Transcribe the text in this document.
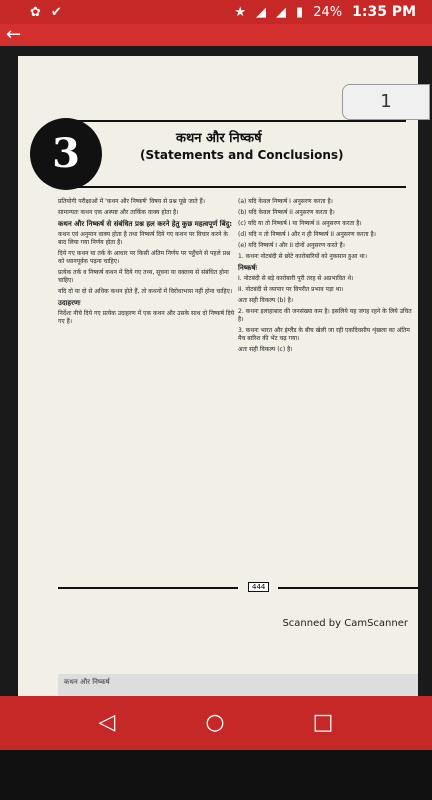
✿ ✔	★ ◢ ◢ ▮ 24% 1:35 PM
←
3	कथन और निष्कर्ष
(Statements and Conclusions)

प्रतियोगी परीक्षाओं में 'कथन और निष्कर्ष' विषय से प्रश्न पूछे जाते हैं।

सामान्यतः कथन एक अस्पष्ट और तार्किक वाक्य होता है।

कथन और निष्कर्ष से संबंधित प्रश्न हल करने हेतु कुछ महत्वपूर्ण बिंदु:

कथन एवं अनुमान वाक्य होता है तथा निष्कर्ष दिये गए कथन पर विचार करने के बाद लिया गया निर्णय होता है।

दिये गए कथन या तर्क के आधार पर किसी अंतिम निर्णय पर पहुँचने से पहले प्रश्न को ध्यानपूर्वक पढ़ना चाहिए।

प्रत्येक तर्क व निष्कर्ष कथन में दिये गए तथ्य, सूचना या वक्तव्य से संबंधित होना चाहिए।

यदि दो या दो से अधिक कथन होते हैं, तो कथनों में विरोधाभास नहीं होना चाहिए।

उदाहरणः

निर्देशः नीचे दिये गए प्रत्येक उदाहरण में एक कथन और उसके साथ दो निष्कर्ष दिये गए हैं।

(a) यदि केवल निष्कर्ष I अनुसरण करता है।

(b) यदि केवल निष्कर्ष II अनुसरण करता है।

(c) यदि या तो निष्कर्ष I या निष्कर्ष II अनुसरण करता है।

(d) यदि न तो निष्कर्ष I और न ही निष्कर्ष II अनुसरण करता है।

(e) यदि निष्कर्ष I और II दोनों अनुसरण करते हैं।

1. कथनः नोटबंदी से छोटे कारोबारियों को नुकसान हुआ था।

निष्कर्षः

I. नोटबंदी से बड़े कारोबारी पूरी तरह से अप्रभावित थे।

II. नोटबंदी से व्यापार पर विपरीत प्रभाव पड़ा था।

अतः सही विकल्प (b) है।

2. कथनः इलाहाबाद की जनसंख्या कम है। इसलिये यह जगह रहने के लिये उचित है।

3. कथनः भारत और इंग्लैंड के बीच खेली जा रही एकदिवसीय शृंखला का अंतिम मैच बारिश की भेंट चढ़ गया।

अतः सही विकल्प (c) है।

444
Scanned by CamScanner
कथन और निष्कर्ष
1
◁	○	□
